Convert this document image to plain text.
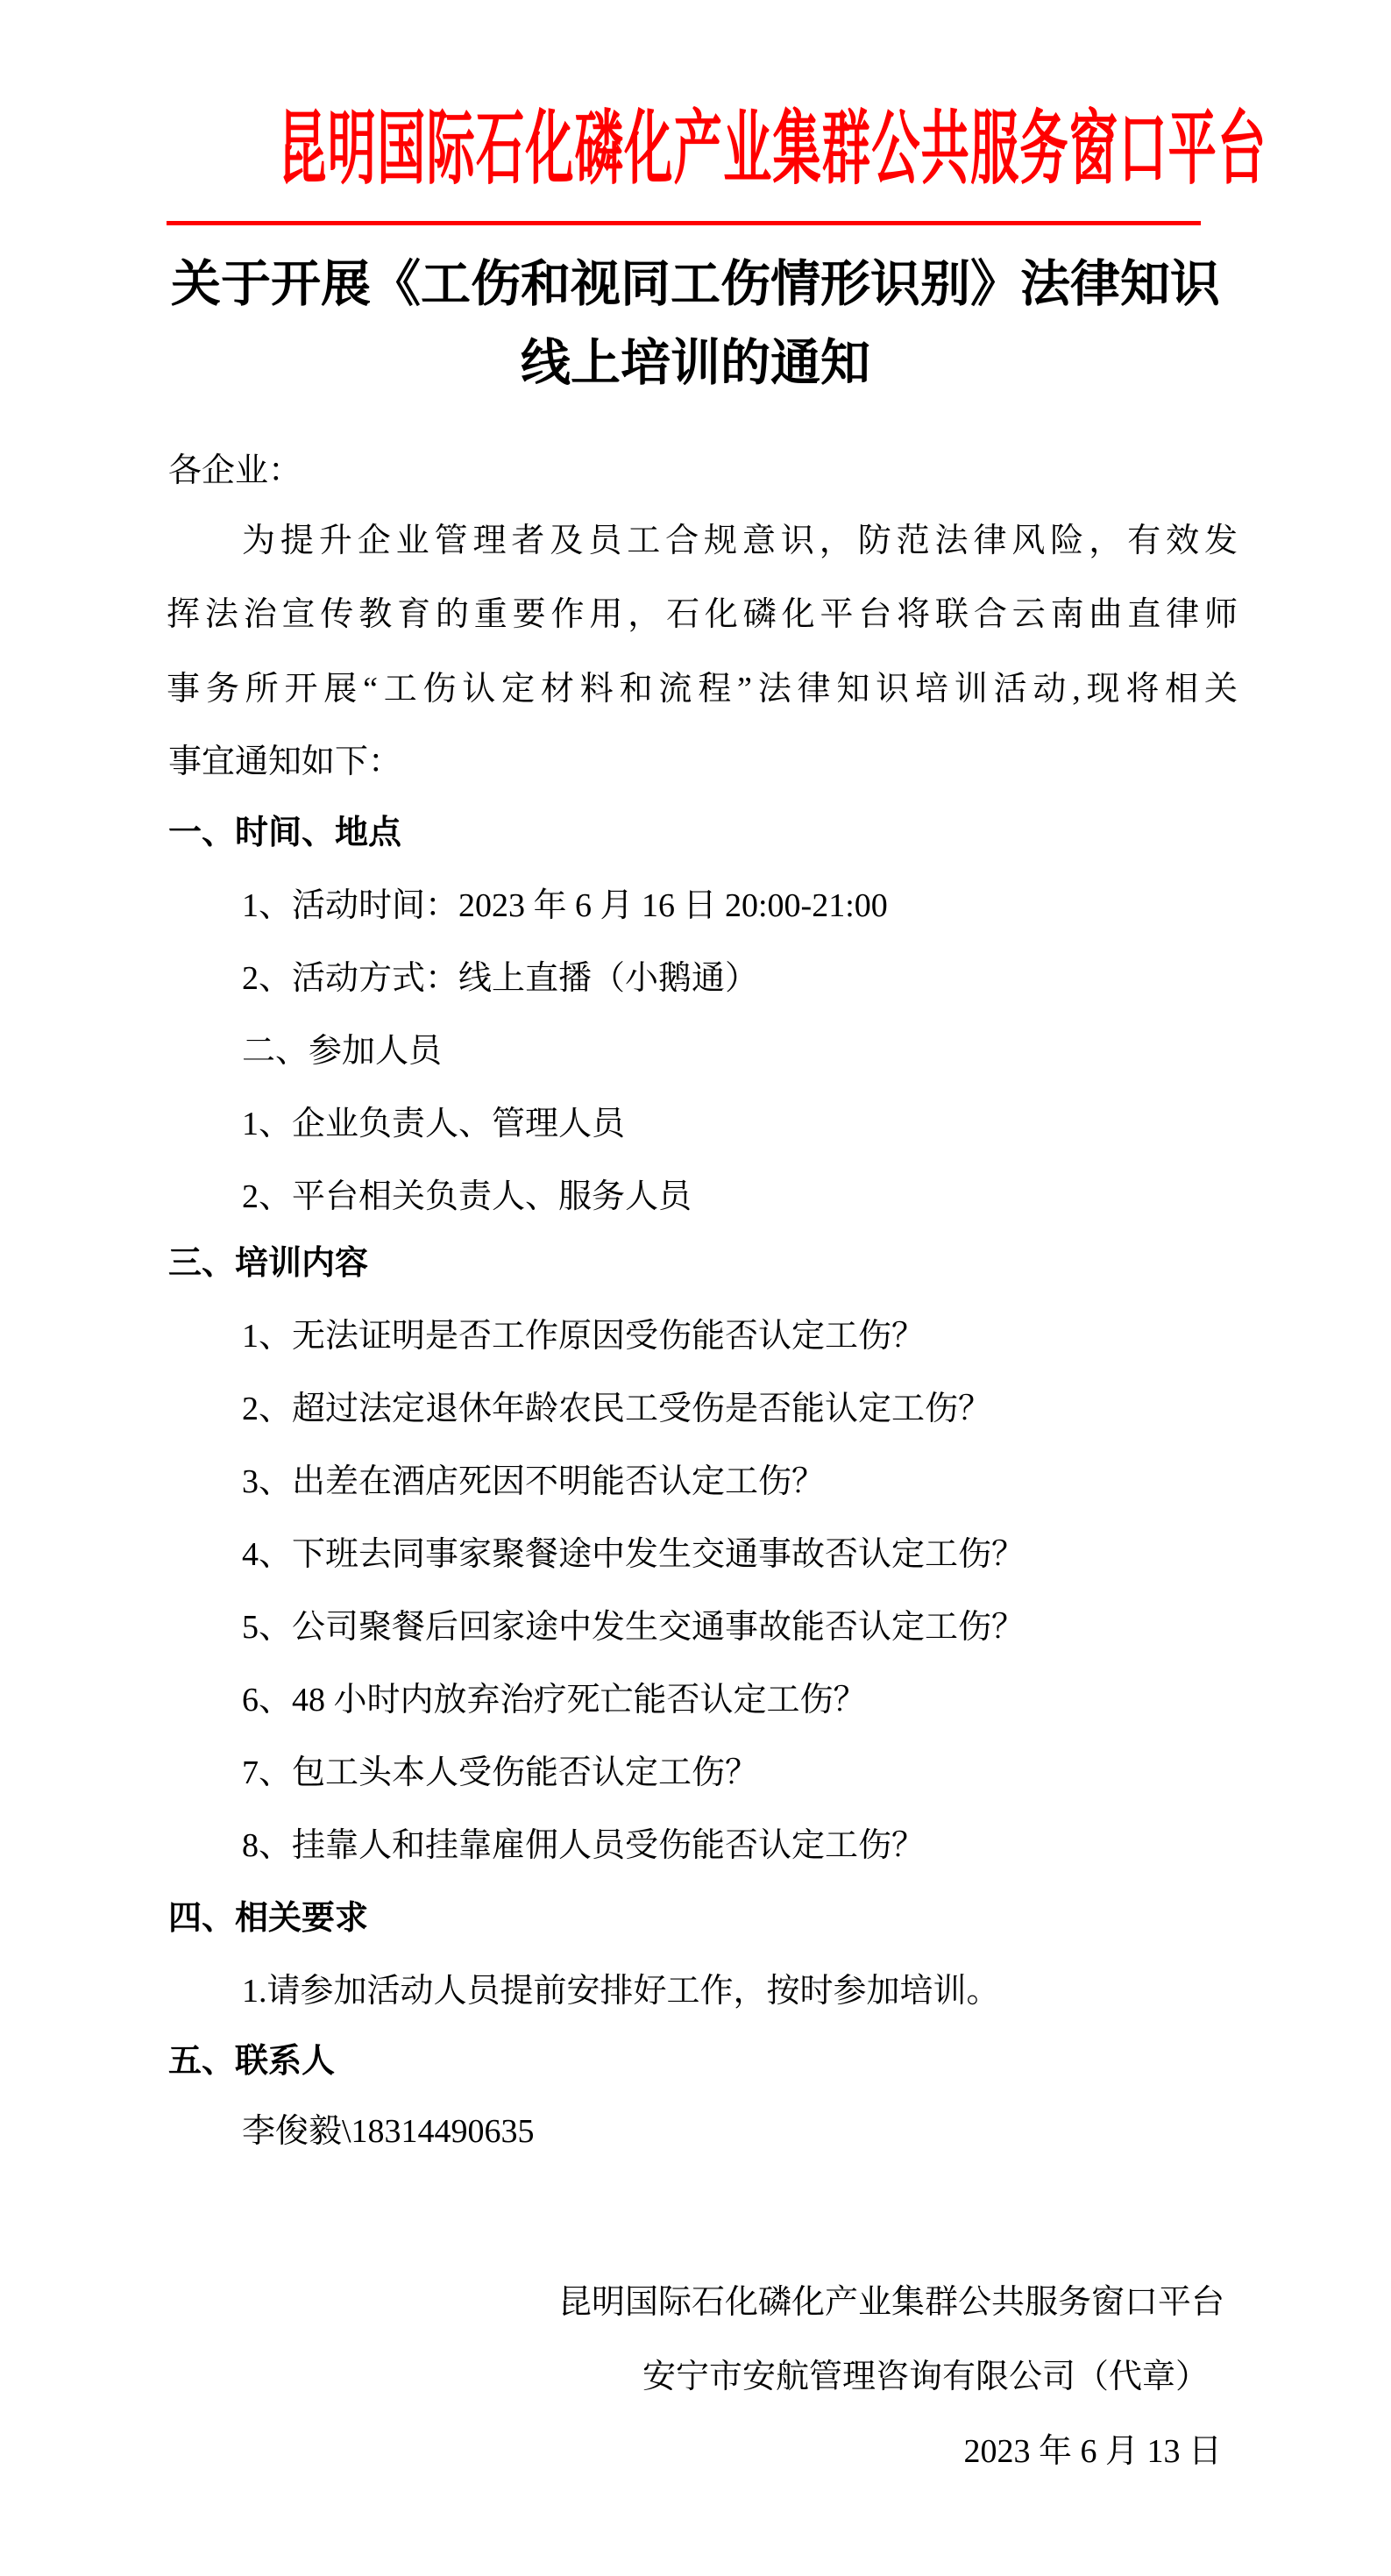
昆明国际石化磷化产业集群公共服务窗口平台
关于开展《工伤和视同工伤情形识别》法律知识
线上培训的通知
各企业：
为提升企业管理者及员工合规意识，防范法律风险，有效发
挥法治宣传教育的重要作用，石化磷化平台将联合云南曲直律师
事务所开展“工伤认定材料和流程”法律知识培训活动,现将相关
事宜通知如下：
一、时间、地点
1、活动时间：2023 年 6 月 16 日 20:00-21:00
2、活动方式：线上直播（小鹅通）
二、参加人员
1、企业负责人、管理人员
2、平台相关负责人、服务人员
三、培训内容
1、无法证明是否工作原因受伤能否认定工伤？
2、超过法定退休年龄农民工受伤是否能认定工伤？
3、出差在酒店死因不明能否认定工伤？
4、下班去同事家聚餐途中发生交通事故否认定工伤？
5、公司聚餐后回家途中发生交通事故能否认定工伤？
6、48 小时内放弃治疗死亡能否认定工伤？
7、包工头本人受伤能否认定工伤？
8、挂靠人和挂靠雇佣人员受伤能否认定工伤？
四、相关要求
1.请参加活动人员提前安排好工作，按时参加培训。
五、联系人
李俊毅\18314490635
昆明国际石化磷化产业集群公共服务窗口平台
安宁市安航管理咨询有限公司（代章）
2023 年 6 月 13 日
